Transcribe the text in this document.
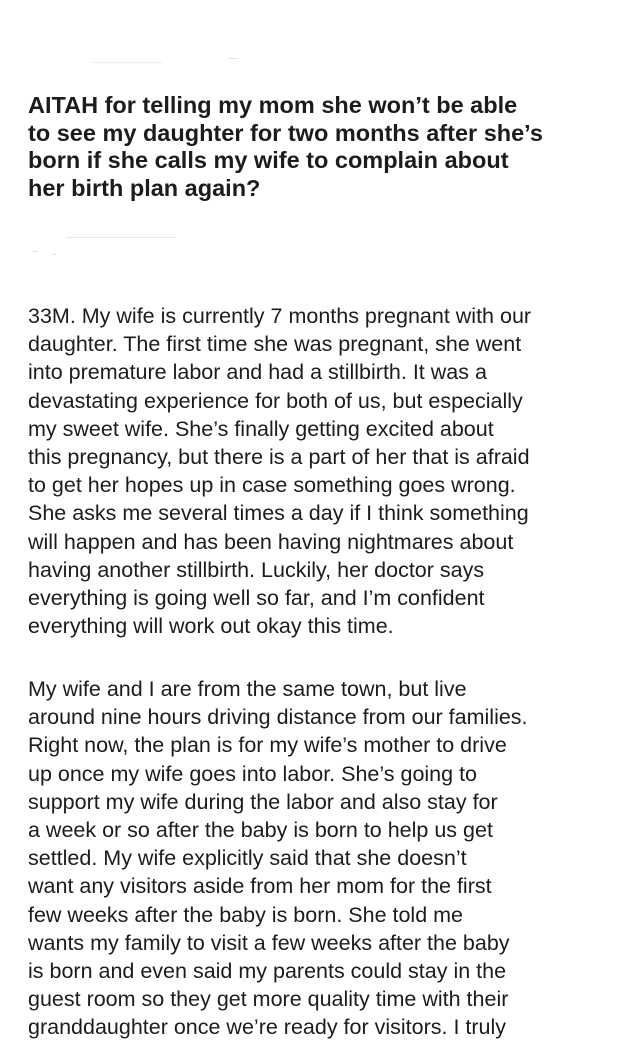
AITAH for telling my mom she won’t be able
to see my daughter for two months after she’s
born if she calls my wife to complain about
her birth plan again?

33M. My wife is currently 7 months pregnant with our
daughter. The first time she was pregnant, she went
into premature labor and had a stillbirth. It was a
devastating experience for both of us, but especially
my sweet wife. She’s finally getting excited about
this pregnancy, but there is a part of her that is afraid
to get her hopes up in case something goes wrong.
She asks me several times a day if I think something
will happen and has been having nightmares about
having another stillbirth. Luckily, her doctor says
everything is going well so far, and I’m confident
everything will work out okay this time.

My wife and I are from the same town, but live
around nine hours driving distance from our families.
Right now, the plan is for my wife’s mother to drive
up once my wife goes into labor. She’s going to
support my wife during the labor and also stay for
a week or so after the baby is born to help us get
settled. My wife explicitly said that she doesn’t
want any visitors aside from her mom for the first
few weeks after the baby is born. She told me
wants my family to visit a few weeks after the baby
is born and even said my parents could stay in the
guest room so they get more quality time with their
granddaughter once we’re ready for visitors. I truly
